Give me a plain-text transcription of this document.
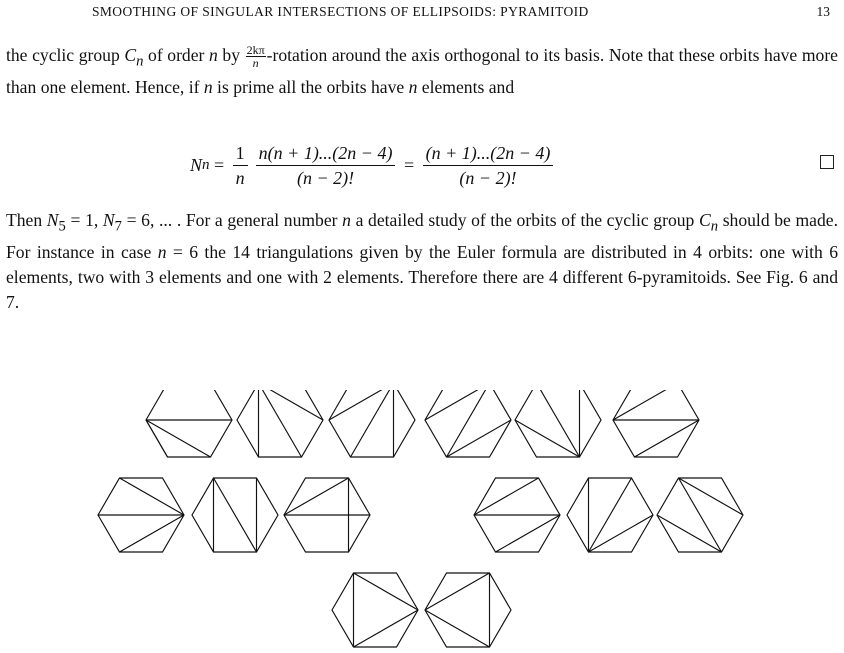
SMOOTHING OF SINGULAR INTERSECTIONS OF ELLIPSOIDS: PYRAMITOID	13

the cyclic group $C_n$ of order n by $\frac{2k\pi}{n}$ -rotation around the axis orthogonal to its basis. Note that these orbits have more than one element. Hence, if n is prime all the orbits have n elements and

N $n = \frac{1}{n} \frac{n(n + 1)...(2n - 4)}{(n - 2)!} = \frac{(n + 1)...(2n - 4)}{(n - 2)!}$

Then $N_5 = 1$, $N_7 = 6$, ... . For a general number n a detailed study of the orbits of the cyclic group $C_n$ should be made. For instance in case n = 6 the 14 triangulations given by the Euler formula are distributed in 4 orbits: one with 6 elements, two with 3 elements and one with 2 elements. Therefore there are 4 different 6-pyramitoids. See Fig. 6 and 7.
